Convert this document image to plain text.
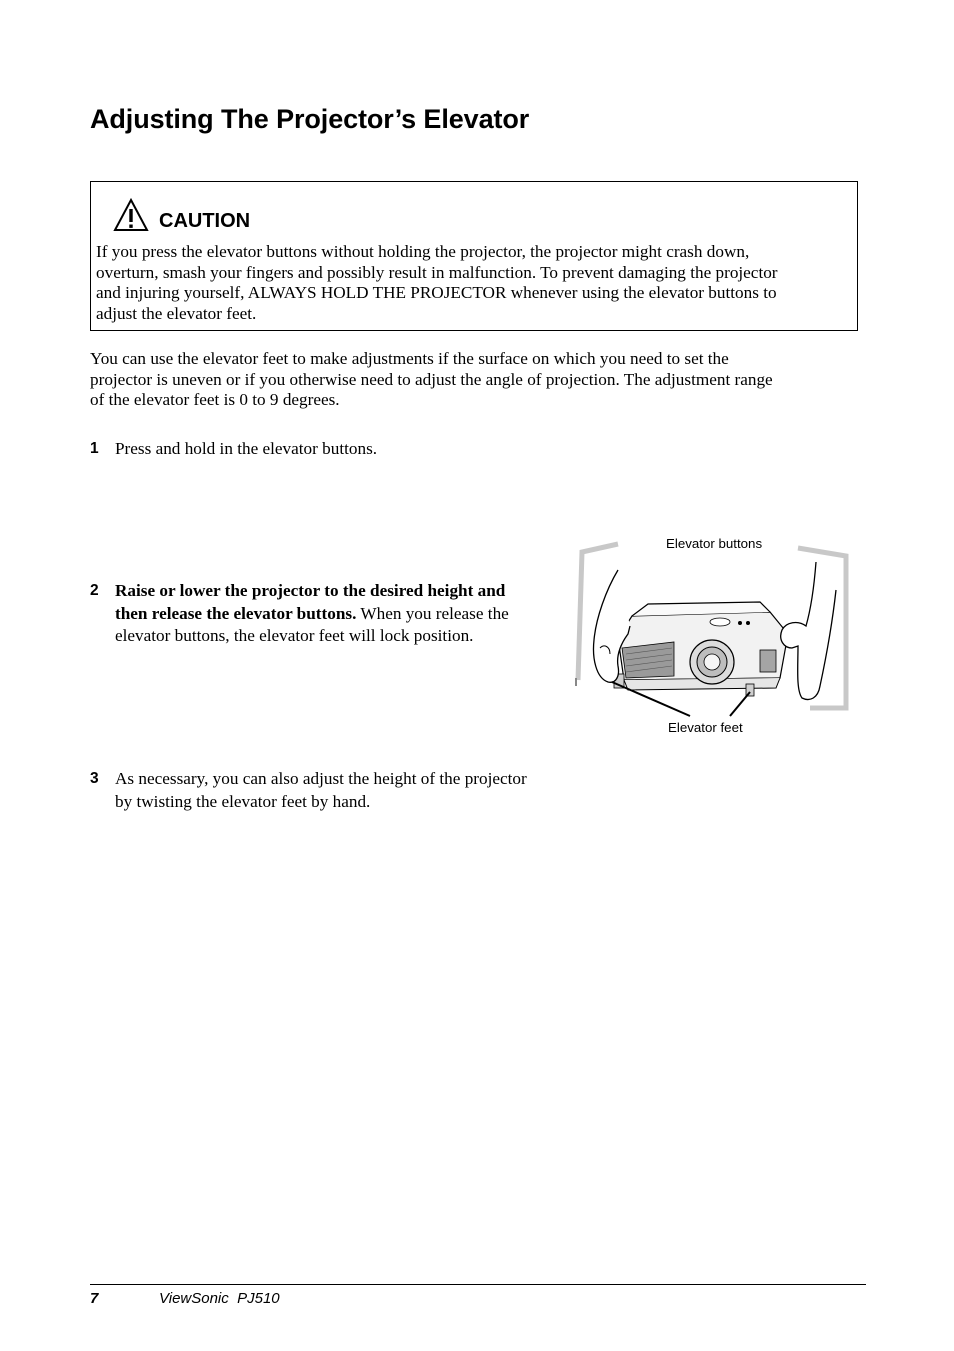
Adjusting The Projector’s Elevator
CAUTION
If you press the elevator buttons without holding the projector, the projector might crash down,
overturn, smash your fingers and possibly result in malfunction. To prevent damaging the projector
and injuring yourself, ALWAYS HOLD THE PROJECTOR whenever using the elevator buttons to
adjust the elevator feet.
You can use the elevator feet to make adjustments if the surface on which you need to set the
projector is uneven or if you otherwise need to adjust the angle of projection. The adjustment range
of the elevator feet is 0 to 9 degrees.
1 Press and hold in the elevator buttons.
2 Raise or lower the projector to the desired height and
then release the elevator buttons. When you release the
elevator buttons, the elevator feet will lock position.
3 As necessary, you can also adjust the height of the projector
by twisting the elevator feet by hand.
Elevator buttons
Elevator feet
7	ViewSonic  PJ510
